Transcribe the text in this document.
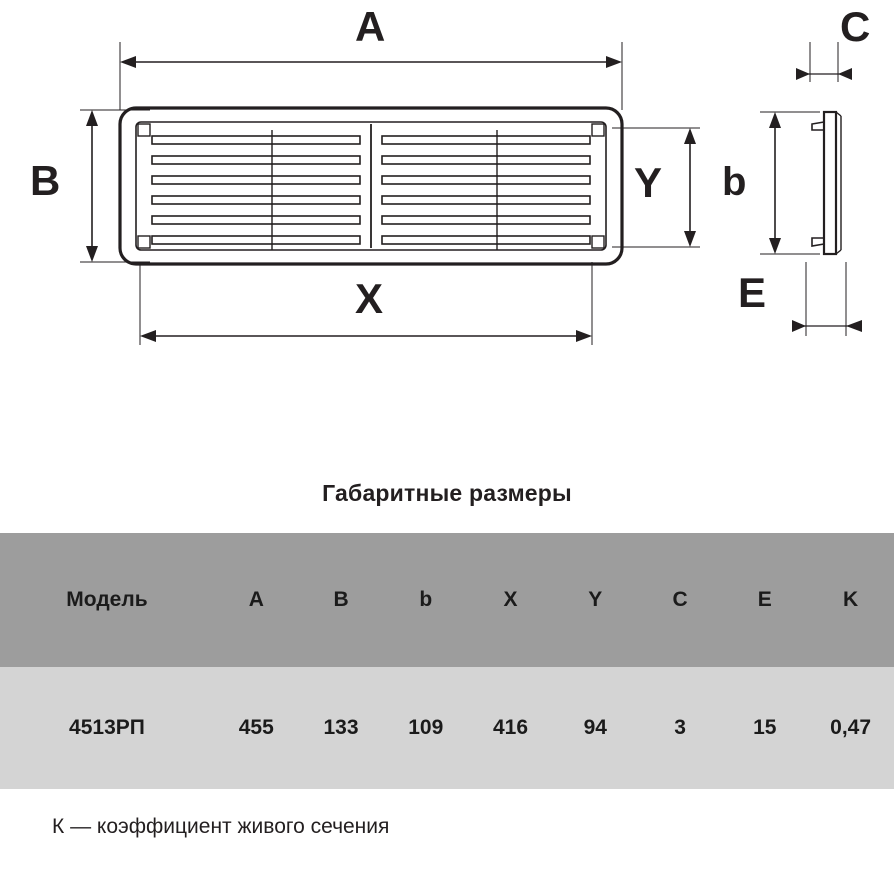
A
B
X
Y
C
b
E
Габаритные размеры
Модель	A	B	b	X	Y	C	E	K
4513РП	455	133	109	416	94	3	15	0,47
К — коэффициент живого сечения
